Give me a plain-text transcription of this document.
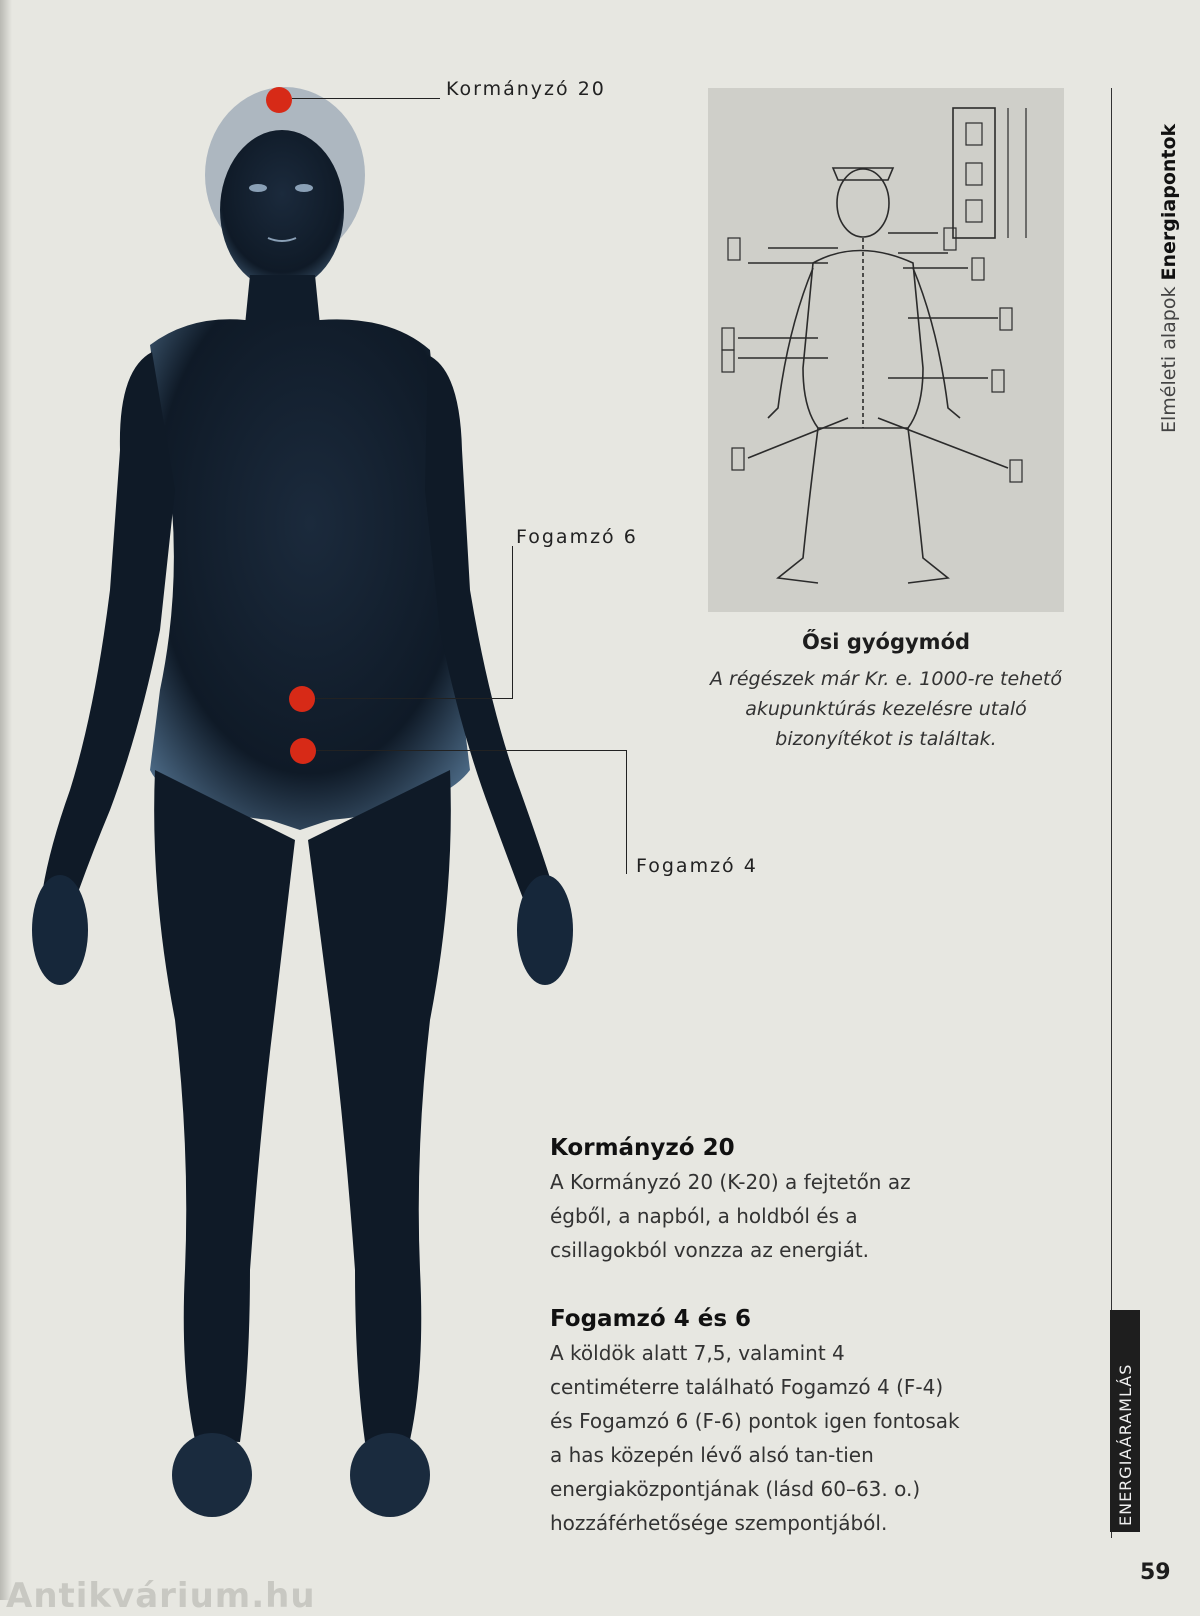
Kormányzó 20
Fogamzó 6
Fogamzó 4
Ősi gyógymód
A régészek már Kr. e. 1000-re tehető akupunktúrás kezelésre utaló bizonyítékot is találtak.
Elméleti alapok Energiapontok
ENERGIAÁRAMLÁS
Kormányzó 20

A Kormányzó 20 (K-20) a fejtetőn az égből, a napból, a holdból és a csillagokból vonzza az energiát.

Fogamzó 4 és 6

A köldök alatt 7,5, valamint 4 centiméterre található Fogamzó 4 (F-4) és Fogamzó 6 (F-6) pontok igen fontosak a has közepén lévő alsó tan-tien energiaközpontjának (lásd 60–63. o.) hozzáférhetősége szempontjából.

59
Antikvárium.hu
